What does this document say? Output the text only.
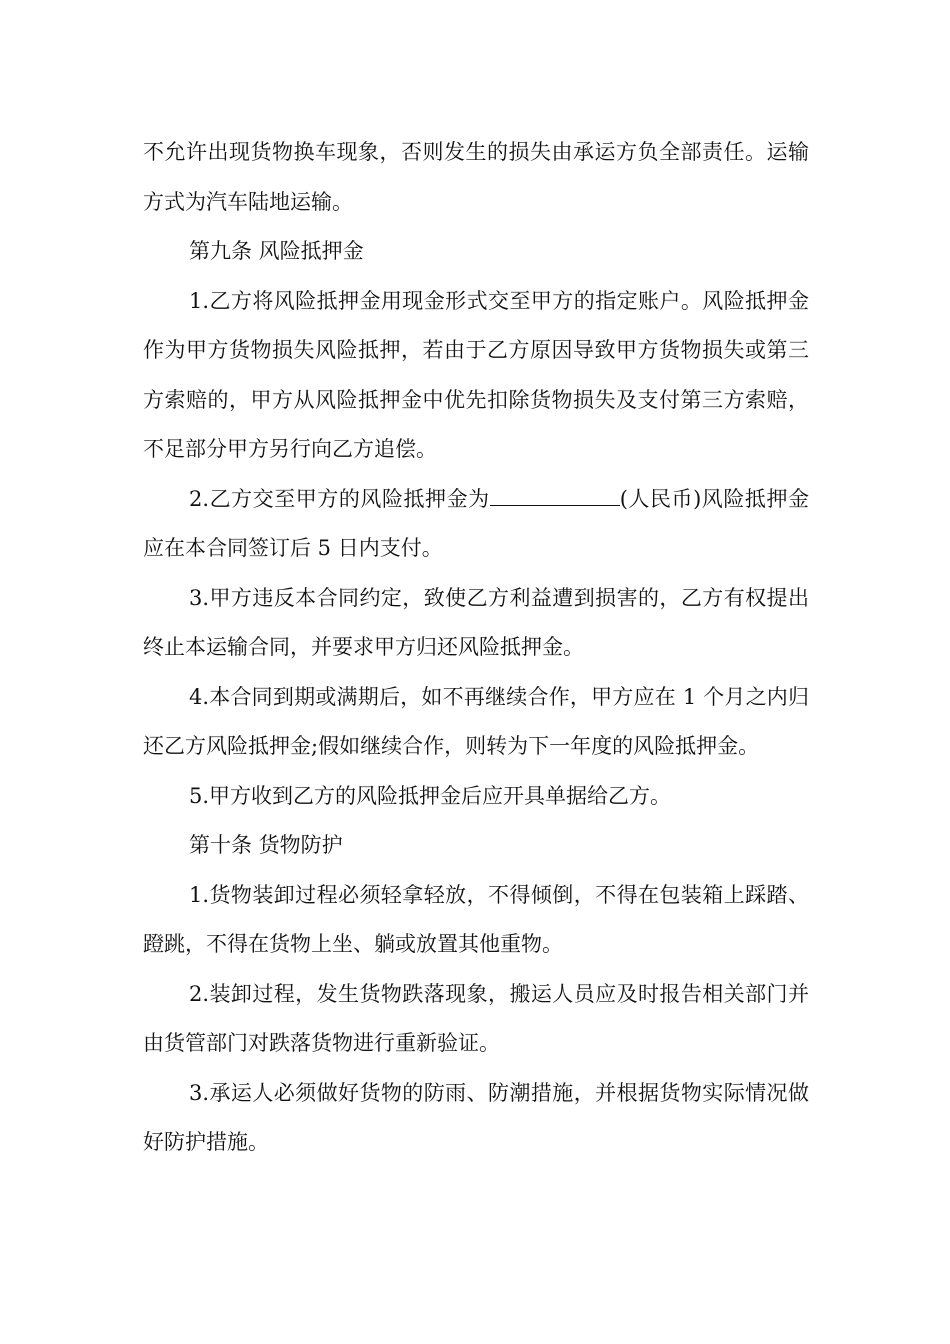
不允许出现货物换车现象，否则发生的损失由承运方负全部责任。运输方式为汽车陆地运输。

第九条 风险抵押金

1.乙方将风险抵押金用现金形式交至甲方的指定账户。风险抵押金作为甲方货物损失风险抵押，若由于乙方原因导致甲方货物损失或第三方索赔的，甲方从风险抵押金中优先扣除货物损失及支付第三方索赔，不足部分甲方另行向乙方追偿。

2.乙方交至甲方的风险抵押金为	(人民币)风险抵押金应在本合同签订后 5 日内支付。

3.甲方违反本合同约定，致使乙方利益遭到损害的，乙方有权提出终止本运输合同，并要求甲方归还风险抵押金。

4.本合同到期或满期后，如不再继续合作，甲方应在 1 个月之内归还乙方风险抵押金;假如继续合作，则转为下一年度的风险抵押金。

5.甲方收到乙方的风险抵押金后应开具单据给乙方。

第十条 货物防护

1.货物装卸过程必须轻拿轻放，不得倾倒，不得在包装箱上踩踏、蹬跳，不得在货物上坐、躺或放置其他重物。

2.装卸过程，发生货物跌落现象，搬运人员应及时报告相关部门并由货管部门对跌落货物进行重新验证。

3.承运人必须做好货物的防雨、防潮措施，并根据货物实际情况做好防护措施。
